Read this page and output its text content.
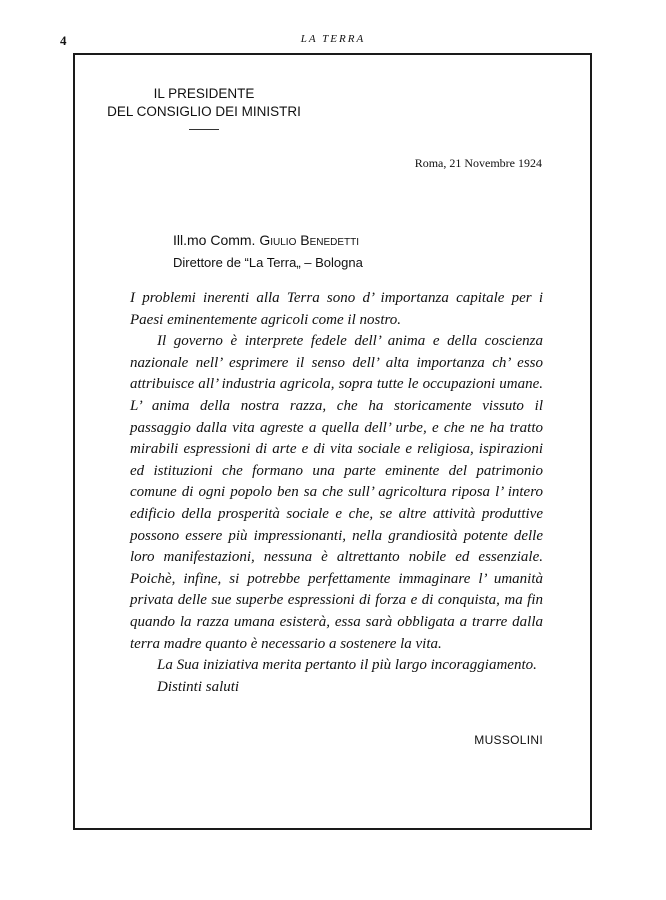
4	LA TERRA
IL PRESIDENTE
DEL CONSIGLIO DEI MINISTRI
Roma, 21 Novembre 1924
Ill.mo Comm. Giulio Benedetti
Direttore de “La Terra„ – Bologna

I problemi inerenti alla Terra sono d’ importanza capitale per i Paesi eminentemente agricoli come il nostro.

Il governo è interprete fedele dell’ anima e della coscienza nazionale nell’ esprimere il senso dell’ alta importanza ch’ esso attribuisce all’ industria agricola, sopra tutte le occupazioni umane. L’ anima della nostra razza, che ha storicamente vissuto il passaggio dalla vita agreste a quella dell’ urbe, e che ne ha tratto mirabili espressioni di arte e di vita sociale e religiosa, ispirazioni ed istituzioni che formano una parte eminente del patrimonio comune di ogni popolo ben sa che sull’ agricoltura riposa l’ intero edificio della prosperità sociale e che, se altre attività produttive possono essere più impressionanti, nella grandiosità potente delle loro manifestazioni, nessuna è altrettanto nobile ed essenziale. Poichè, infine, si potrebbe perfettamente immaginare l’ umanità privata delle sue superbe espressioni di forza e di conquista, ma fin quando la razza umana esisterà, essa sarà obbligata a trarre dalla terra madre quanto è necessario a sostenere la vita.

La Sua iniziativa merita pertanto il più largo incoraggiamento.

Distinti saluti

MUSSOLINI
